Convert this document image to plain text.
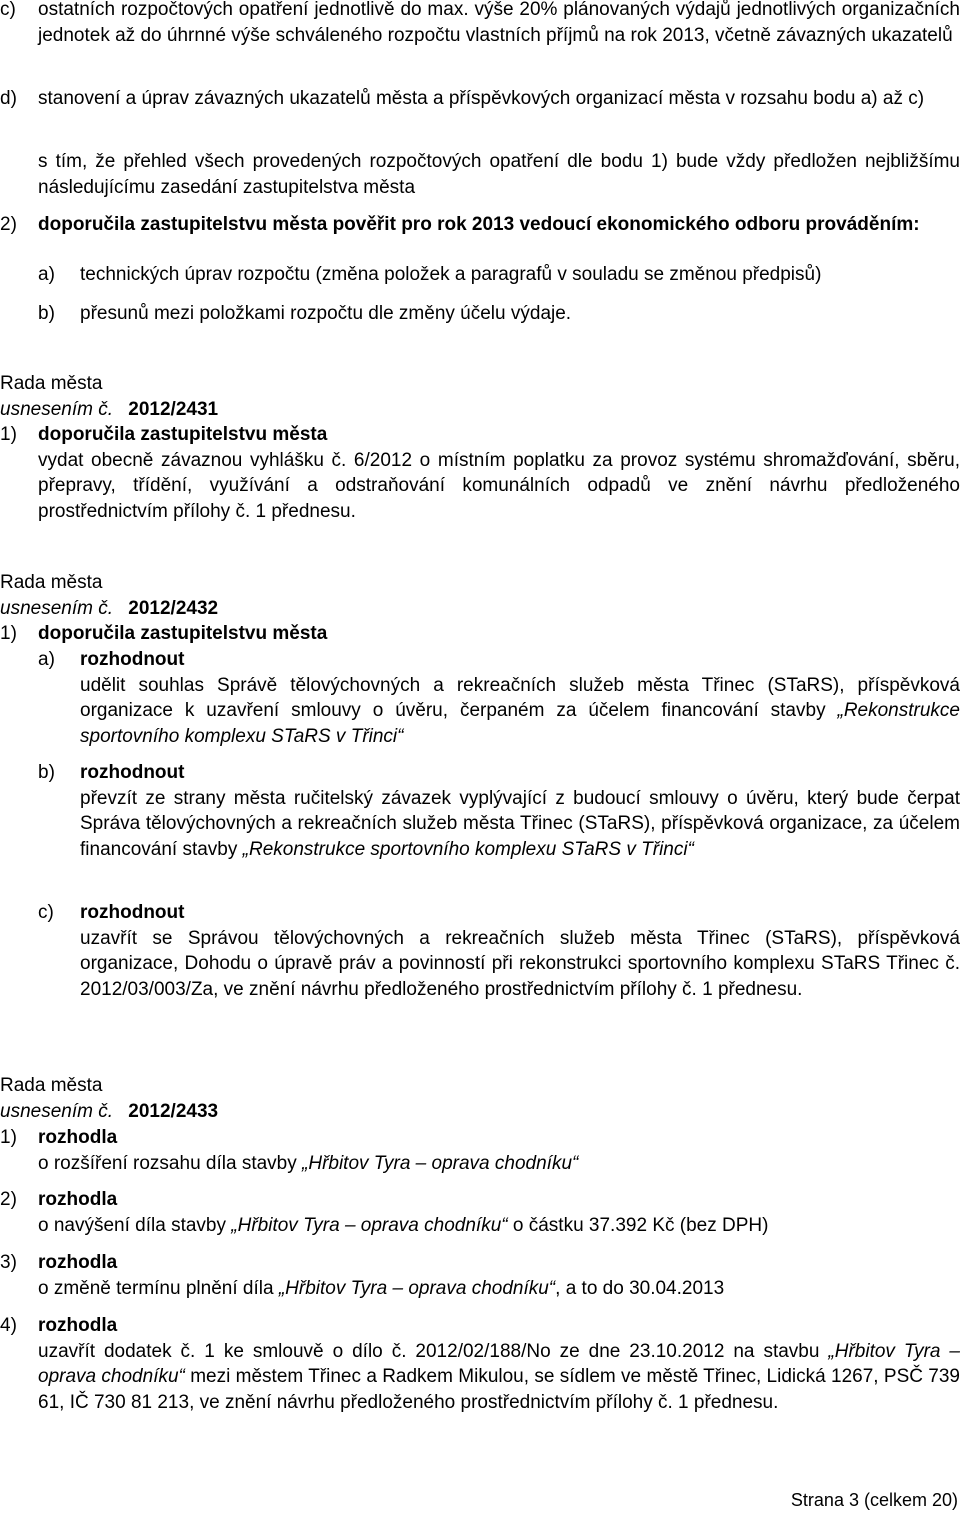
c)	ostatních rozpočtových opatření jednotlivě do max. výše 20% plánovaných výdajů jednotlivých organizačních jednotek až do úhrnné výše schváleného rozpočtu vlastních příjmů na rok 2013, včetně závazných ukazatelů
d)	stanovení a úprav závazných ukazatelů města a příspěvkových organizací města v rozsahu bodu a) až c)
s tím, že přehled všech provedených rozpočtových opatření dle bodu 1) bude vždy předložen nejbližšímu následujícímu zasedání zastupitelstva města
2)	doporučila zastupitelstvu města pověřit pro rok 2013 vedoucí ekonomického odboru prováděním:
a)	technických úprav rozpočtu (změna položek a paragrafů v souladu se změnou předpisů)
b)	přesunů mezi položkami rozpočtu dle změny účelu výdaje.
Rada města
usnesením č. 2012/2431
1)	doporučila zastupitelstvu města
vydat obecně závaznou vyhlášku č. 6/2012 o místním poplatku za provoz systému shromažďování, sběru, přepravy, třídění, využívání a odstraňování komunálních odpadů ve znění návrhu předloženého prostřednictvím přílohy č. 1 přednesu.
Rada města
usnesením č. 2012/2432
1)	doporučila zastupitelstvu města
a)	rozhodnout
udělit souhlas Správě tělovýchovných a rekreačních služeb města Třinec (STaRS), příspěvková organizace k uzavření smlouvy o úvěru, čerpaném za účelem financování stavby „Rekonstrukce sportovního komplexu STaRS v Třinci“
b)	rozhodnout
převzít ze strany města ručitelský závazek vyplývající z budoucí smlouvy o úvěru, který bude čerpat Správa tělovýchovných a rekreačních služeb města Třinec (STaRS), příspěvková organizace, za účelem financování stavby „Rekonstrukce sportovního komplexu STaRS v Třinci“
c)	rozhodnout
uzavřít se Správou tělovýchovných a rekreačních služeb města Třinec (STaRS), příspěvková organizace, Dohodu o úpravě práv a povinností při rekonstrukci sportovního komplexu STaRS Třinec č. 2012/03/003/Za, ve znění návrhu předloženého prostřednictvím přílohy č. 1 přednesu.
Rada města
usnesením č. 2012/2433
1)	rozhodla
o rozšíření rozsahu díla stavby „Hřbitov Tyra – oprava chodníku“
2)	rozhodla
o navýšení díla stavby „Hřbitov Tyra – oprava chodníku“ o částku 37.392 Kč (bez DPH)
3)	rozhodla
o změně termínu plnění díla „Hřbitov Tyra – oprava chodníku“, a to do 30.04.2013
4)	rozhodla
uzavřít dodatek č. 1 ke smlouvě o dílo č. 2012/02/188/No ze dne 23.10.2012 na stavbu „Hřbitov Tyra – oprava chodníku“ mezi městem Třinec a Radkem Mikulou, se sídlem ve městě Třinec, Lidická 1267, PSČ 739 61, IČ 730 81 213, ve znění návrhu předloženého prostřednictvím přílohy č. 1 přednesu.
Strana 3 (celkem 20)
